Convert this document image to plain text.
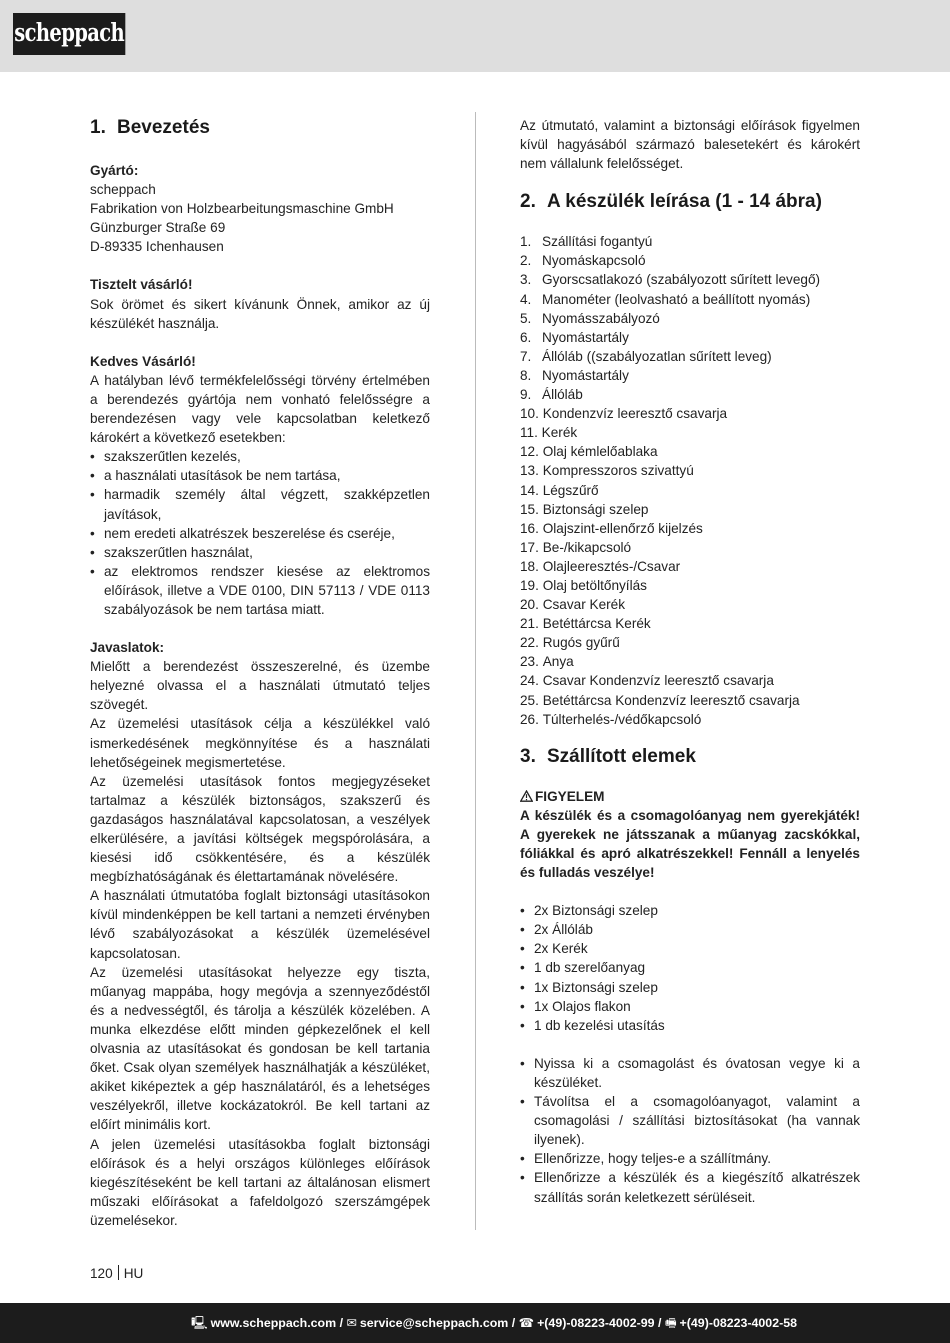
scheppach
1. Bevezetés
Gyártó:
scheppach
Fabrikation von Holzbearbeitungsmaschine GmbH
Günzburger Straße 69
D-89335 Ichenhausen
Tisztelt vásárló!

Sok örömet és sikert kívánunk Önnek, amikor az új készülékét használja.

Kedves Vásárló!

A hatályban lévő termékfelelősségi törvény értelmében a berendezés gyártója nem vonható felelősségre a berendezésen vagy vele kapcsolatban keletkező károkért a következő esetekben:

• szakszerűtlen kezelés,
• a használati utasítások be nem tartása,
• harmadik személy által végzett, szakképzetlen javítások,
• nem eredeti alkatrészek beszerelése és cseréje,
• szakszerűtlen használat,
• az elektromos rendszer kiesése az elektromos előírások, illetve a VDE 0100, DIN 57113 / VDE 0113 szabályozások be nem tartása miatt.
Javaslatok:

Mielőtt a berendezést összeszerelné, és üzembe helyezné olvassa el a használati útmutató teljes szövegét.

Az üzemelési utasítások célja a készülékkel való ismerkedésének megkönnyítése és a használati lehetőségeinek megismertetése.

Az üzemelési utasítások fontos megjegyzéseket tartalmaz a készülék biztonságos, szakszerű és gazdaságos használatával kapcsolatosan, a veszélyek elkerülésére, a javítási költségek megspórolására, a kiesési idő csökkentésére, és a készülék megbízhatóságának és élettartamának növelésére.

A használati útmutatóba foglalt biztonsági utasításokon kívül mindenképpen be kell tartani a nemzeti érvényben lévő szabályozásokat a készülék üzemelésével kapcsolatosan.

Az üzemelési utasításokat helyezze egy tiszta, műanyag mappába, hogy megóvja a szennyeződéstől és a nedvességtől, és tárolja a készülék közelében. A munka elkezdése előtt minden gépkezelőnek el kell olvasnia az utasításokat és gondosan be kell tartania őket. Csak olyan személyek használhatják a készüléket, akiket kiképeztek a gép használatáról, és a lehetséges veszélyekről, illetve kockázatokról. Be kell tartani az előírt minimális kort.

A jelen üzemelési utasításokba foglalt biztonsági előírások és a helyi országos különleges előírások kiegészítéseként be kell tartani az általánosan elismert műszaki előírásokat a fafeldolgozó szerszámgépek üzemelésekor.

Az útmutató, valamint a biztonsági előírások figyelmen kívül hagyásából származó balesetekért és károkért nem vállalunk felelősséget.

2. A készülék leírása (1 - 14 ábra)
1. Szállítási fogantyú
2. Nyomáskapcsoló
3. Gyorscsatlakozó (szabályozott sűrített levegő)
4. Manométer (leolvasható a beállított nyomás)
5. Nyomásszabályozó
6. Nyomástartály
7. Állóláb ((szabályozatlan sűrített leveg)
8. Nyomástartály
9. Állóláb
10.
Kondenzvíz leeresztő csavarja
11.
Kerék
12.
Olaj kémlelőablaka
13.
Kompresszoros szivattyú
14.
Légszűrő
15.
Biztonsági szelep
16.
Olajszint-ellenőrző kijelzés
17.
Be-/kikapcsoló
18.
Olajleeresztés-/Csavar
19.
Olaj betöltőnyílás
20.
Csavar Kerék
21.
Betéttárcsa Kerék
22.
Rugós gyűrű
23.
Anya
24.
Csavar Kondenzvíz leeresztő csavarja
25.
Betéttárcsa Kondenzvíz leeresztő csavarja
26.
Túlterhelés-/védőkapcsoló
3. Szállított elemek
FIGYELEM

A készülék és a csomagolóanyag nem gyerekjáték! A gyerekek ne játsszanak a műanyag zacskókkal, fóliákkal és apró alkatrészekkel! Fennáll a lenyelés és fulladás veszélye!

• 2x Biztonsági szelep
• 2x Állóláb
• 2x Kerék
• 1 db szerelőanyag
• 1x Biztonsági szelep
• 1x Olajos flakon
• 1 db kezelési utasítás
• Nyissa ki a csomagolást és óvatosan vegye ki a készüléket.
• Távolítsa el a csomagolóanyagot, valamint a csomagolási / szállítási biztosításokat (ha vannak ilyenek).
• Ellenőrizze, hogy teljes-e a szállítmány.
• Ellenőrizze a készülék és a kiegészítő alkatrészek szállítás során keletkezett sérüléseit.
120 HU
🖳 www.scheppach.com / ✉ service@scheppach.com / ☎ +(49)-08223-4002-99 / 🖷 +(49)-08223-4002-58
